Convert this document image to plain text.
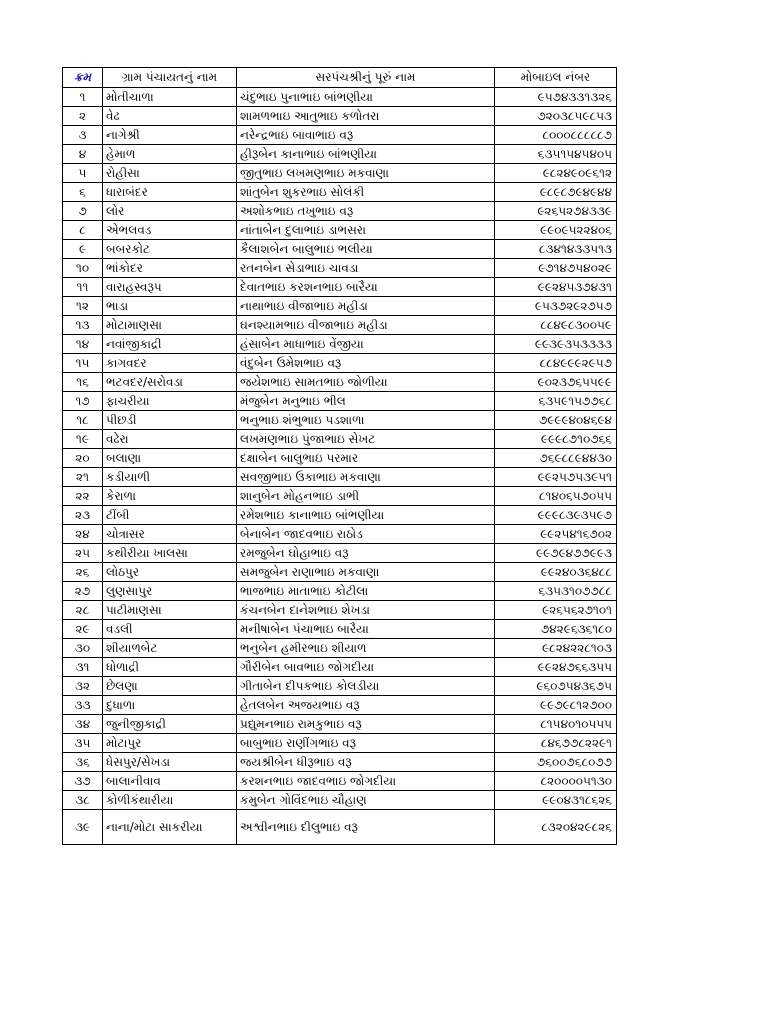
ક્રમ	ગ્રામ પંચાયતનું નામ	સરપંચશ્રીનું પૂરું નામ	મોબાઇલ નંબર
૧	મોતીચાળા	ચંદુભાઇ પુનાભાઇ બાંભણીયા	૯૫૭૪૩૩૧૩૨૬
૨	વેઢ	શામળભાઇ આતુભાઇ કળોતરા	૭૨૦૩૮૫૯૮૫૩
૩	નાગેશ્રી	નરેન્દ્રભાઇ બાવાભાઇ વરૂ	૮૦૦૦૮૮૮૮૮૭
૪	હેમાળ	હીરૂબેન કાનાભાઇ બાંભણીયા	૬૩૫૧૫૪૫૪૦૫
૫	રોહીસા	જીતુભાઇ લખમણભાઇ મકવાણા	૯૮૨૪૯૦૯૬૧૨
૬	ધારાબંદર	શાંતુબેન શુકરભાઇ સોલંકી	૯૮૯૮૭૯૪૯૪૪
૭	લોર	અશોકભાઇ તખુભાઇ વરૂ	૯૨૬૫૨૭૪૩૩૯
૮	એભલવડ	નાંતાબેન દુલાભાઇ ડાભસરા	૯૯૦૯૫૨૨૪૦૬
૯	બબરકોટ	કૈલાશબેન બાલુભાઇ ભલીયા	૮૩૪૧૪૩૩૫૧૩
૧૦	ભાંકોદર	રતનબેન સેડાભાઇ ચાવડા	૯૭૧૪૭૫૪૦૨૯
૧૧	વારાહસ્વરૂપ	દેવાતભાઇ કરશનભાઇ બારૈયા	૯૯૨૪૫૩૭૪૩૧
૧૨	ભાડા	નાથાભાઇ વીજાભાઇ મહીડા	૯૫૩૭૨૯૨૭૫૭
૧૩	મોટામાણસા	ઘનશ્યામભાઇ વીજાભાઇ મહીડા	૮૮૪૯૮૩૦૦૫૯
૧૪	નવાંજીકાદ્રી	હંસાબેન માધાભાઇ વેંજીયા	૯૯૩૯૩૫૩૩૩૩
૧૫	કાગવદર	વંદુબેન ઉમેશભાઇ વરૂ	૮૮૪૯૯૯૨૯૫૭
૧૬	ભટવદર/સરોવડા	જયેશભાઇ સામતભાઇ જોળીયા	૯૦૨૩૭૬૫૫૯૯
૧૭	ફાચરીયા	મંજુબેન મનુભાઇ ભીલ	૬૩૫૯૧૫૭૭૬૮
૧૮	પીછડી	ભનુભાઇ શંભુભાઇ પડશાળા	૭૯૯૯૪૦૪૬૯૪
૧૯	વઢેરા	લખમણભાઇ પુંજાભાઇ સેખટ	૯૯૯૮૭૧૦૭૬૬
૨૦	બલાણા	દક્ષાબેન બાલુભાઇ પરમાર	૭૬૯૮૮૯૪૪૩૦
૨૧	કડીયાળી	સવજીભાઇ ઉકાભાઇ મકવાણા	૯૯૨૫૭૫૩૯૫૧
૨૨	કેરાળા	શાનુબેન મોહનભાઇ ડાભી	૮૧૪૦૬૫૭૦૫૫
૨૩	ટીંબી	રમેશભાઇ કાનાભાઇ બાંભણીયા	૯૯૯૮૩૯૩૫૯૭
૨૪	ચોત્રાસર	બેનાબેન જાદવભાઇ રાઠોડ	૯૯૨૫૪૧૬૭૦૨
૨૫	કથીરીયા ખાલસા	રમજુબેન ઘોહાભાઇ વરૂ	૯૯૭૯૪૭૭૯૯૩
૨૬	લોઠપુર	સમજુબેન રાણાભાઇ મકવાણા	૯૯૨૪૦૩૬૪૮૮
૨૭	લુણસાપુર	ભાજભાઇ માતાભાઇ કોટીલા	૬૩૫૩૧૦૭૭૮૮
૨૮	પાટીમાણસા	કંચનબેન દાનેશભાઇ શેખડા	૯૨૬૫૬૨૭૧૦૧
૨૯	વડલી	મનીષાબેન પંચાભાઇ બારૈયા	૭૪૨૯૬૩૬૧૮૦
૩૦	શીયાળબેટ	ભનુબેન હમીરભાઇ શીયાળ	૯૮૨૪૨૨૮૧૦૩
૩૧	ધોળાદ્રી	ગૌરીબેન બાવભાઇ જોગદીયા	૯૯૨૪૭૬૬૩૫૫
૩૨	છેલણા	ગીતાબેન દીપકભાઇ કોલડીયા	૯૬૦૭૫૪૩૬૭૫
૩૩	દુધાળા	હેતલબેન અજયભાઇ વરૂ	૯૯૭૯૮૧૨૭૦૦
૩૪	જુનીજીકાદ્રી	પ્રદ્યુમનભાઇ રામકુભાઇ વરૂ	૮૧૫૪૦૧૦૫૫૫
૩૫	મોટાપુર	બાબુભાઇ રાણીંગભાઇ વરૂ	૮૪૬૭૭૮૨૨૯૧
૩૬	ધેસપુર/સેખડા	જયશ્રીબેન ધીરૂભાઇ વરૂ	૭૬૦૦૭૬૮૦૭૭
૩૭	બાલાનીવાવ	કરશનભાઇ જાદવભાઇ જોગદીયા	૮૨૦૦૦૦૫૧૩૦
૩૮	કોળીકંથારીયા	કમુબેન ગોવિંદભાઇ ચૌહાણ	૯૯૦૪૩૧૮૬૨૬
૩૯	નાના/મોટા સાકરીયા	અશ્વીનભાઇ દીલુભાઇ વરૂ	૮૩૨૦૪૨૯૮૨૬
